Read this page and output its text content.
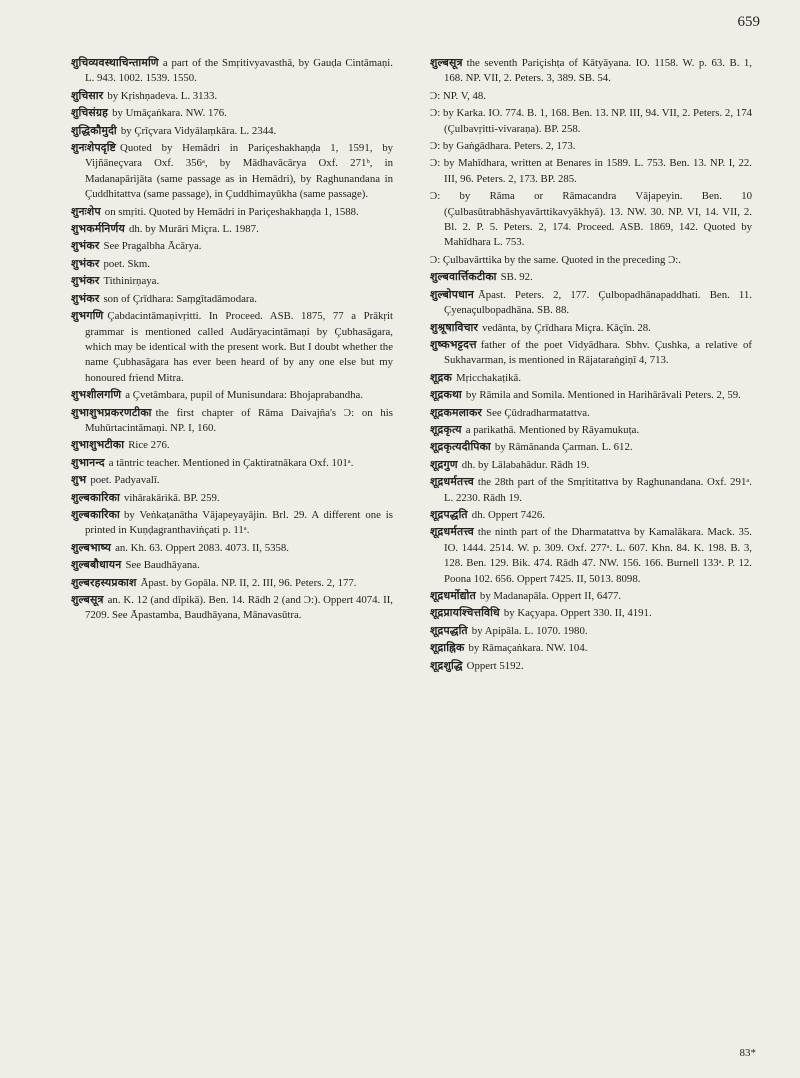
659

शुचिव्यवस्थाचिन्तामणि a part of the Smṛitivyavasthā, by Gauḍa Cintāmaṇi. L. 943. 1002. 1539. 1550.

शुचिसार by Kṛishṇadeva. L. 3133.

शुचिसंग्रह by Umāçaṅkara. NW. 176.

शुद्धिकौमुदी by Çrīçvara Vidyālaṃkāra. L. 2344.

शुनःशेपदृष्टि Quoted by Hemādri in Pariçeshakhaṇḍa 1, 1591, by Vijñāneçvara Oxf. 356ᵃ, by Mādhavācārya Oxf. 271ᵇ, in Madanapārijāta (same passage as in Hemādri), by Raghunandana in Çuddhitattva (same passage), in Çuddhimayūkha (same passage).

शुनःशेप on smṛiti. Quoted by Hemādri in Pariçeshakhaṇḍa 1, 1588.

शुभकर्मनिर्णय dh. by Murāri Miçra. L. 1987.

शुभंकर See Pragalbha Ācārya.

शुभंकर poet. Skm.

शुभंकर Tithinirṇaya.

शुभंकर son of Çrīdhara: Saṃgītadāmodara.

शुभगणि Çabdacintāmaṇivṛitti. In Proceed. ASB. 1875, 77 a Prākṛit grammar is mentioned called Audāryacintāmaṇi by Çubhasāgara, which may be identical with the present work. But I doubt whether the name Çubhasāgara has ever been heard of by any one else but my honoured friend Mitra.

शुभशीलगणि a Çvetāmbara, pupil of Munisundara: Bhojaprabandha.

शुभाशुभप्रकरणटीका the first chapter of Rāma Daivajña's Ɔ: on his Muhūrtacintāmaṇi. NP. I, 160.

शुभाशुभटीका Rice 276.

शुभानन्द a tāntric teacher. Mentioned in Çaktiratnākara Oxf. 101ᵃ.

शुभ poet. Padyavalī.

शुल्बकारिका vihārakārikā. BP. 259.

शुल्बकारिका by Veṅkaṭanātha Vājapeyayājin. Brl. 29. A different one is printed in Kuṇḍagranthaviṅçati p. 11ᵃ.

शुल्बभाष्य an. Kh. 63. Oppert 2083. 4073. II, 5358.

शुल्बबौधायन See Baudhāyana.

शुल्बरहस्यप्रकाश Āpast. by Gopāla. NP. II, 2. III, 96. Peters. 2, 177.

शुल्बसूत्र an. K. 12 (and dīpikā). Ben. 14. Rādh 2 (and Ɔ:). Oppert 4074. II, 7209. See Āpastamba, Baudhāyana, Mānavasūtra.

शुल्बसूत्र the seventh Pariçishṭa of Kātyāyana. IO. 1158. W. p. 63. B. 1, 168. NP. VII, 2. Peters. 3, 389. SB. 54.

Ɔ: NP. V, 48.

Ɔ: by Karka. IO. 774. B. 1, 168. Ben. 13. NP. III, 94. VII, 2. Peters. 2, 174 (Çulbavṛitti-vivaraṇa). BP. 258.

Ɔ: by Gaṅgādhara. Peters. 2, 173.

Ɔ: by Mahīdhara, written at Benares in 1589. L. 753. Ben. 13. NP. I, 22. III, 96. Peters. 2, 173. BP. 285.

Ɔ: by Rāma or Rāmacandra Vājapeyin. Ben. 10 (Çulbasūtrabhāshyavārttikavyākhyā). 13. NW. 30. NP. VI, 14. VII, 2. Bl. 2. P. 5. Peters. 2, 174. Proceed. ASB. 1869, 142. Quoted by Mahīdhara L. 753.

Ɔ: Çulbavārttika by the same. Quoted in the preceding Ɔ:.

शुल्बवार्त्तिकटीका SB. 92.

शुल्बोपधान Āpast. Peters. 2, 177. Çulbopadhānapaddhati. Ben. 11. Çyenaçulbopadhāna. SB. 88.

शुश्रूषाविचार vedānta, by Çrīdhara Miçra. Kāçīn. 28.

शुष्कभट्टदत्त father of the poet Vidyādhara. Sbhv. Çushka, a relative of Sukhavarman, is mentioned in Rājataraṅgiṇī 4, 713.

शूद्रक Mṛicchakaṭikā.

शूद्रकथा by Rāmila and Somila. Mentioned in Harihārāvali Peters. 2, 59.

शूद्रकमलाकर See Çūdradharmatattva.

शूद्रकृत्य a parikathā. Mentioned by Rāyamukuṭa.

शूद्रकृत्यदीपिका by Rāmānanda Çarman. L. 612.

शूद्रगुण dh. by Lālabahādur. Rādh 19.

शूद्रधर्मतत्त्व the 28th part of the Smṛititattva by Raghunandana. Oxf. 291ᵃ. L. 2230. Rādh 19.

शूद्रपद्धति dh. Oppert 7426.

शूद्रधर्मतत्त्व the ninth part of the Dharmatattva by Kamalākara. Mack. 35. IO. 1444. 2514. W. p. 309. Oxf. 277ᵃ. L. 607. Khn. 84. K. 198. B. 3, 128. Ben. 129. Bik. 474. Rādh 47. NW. 156. 166. Burnell 133ᵃ. P. 12. Poona 102. 656. Oppert 7425. II, 5013. 8098.

शूद्रधर्मोद्योत by Madanapāla. Oppert II, 6477.

शूद्रप्रायश्चित्तविधि by Kaçyapa. Oppert 330. II, 4191.

शूद्रपद्धति by Apipāla. L. 1070. 1980.

शूद्राह्निक by Rāmaçaṅkara. NW. 104.

शूद्रशुद्धि Oppert 5192.

83*
